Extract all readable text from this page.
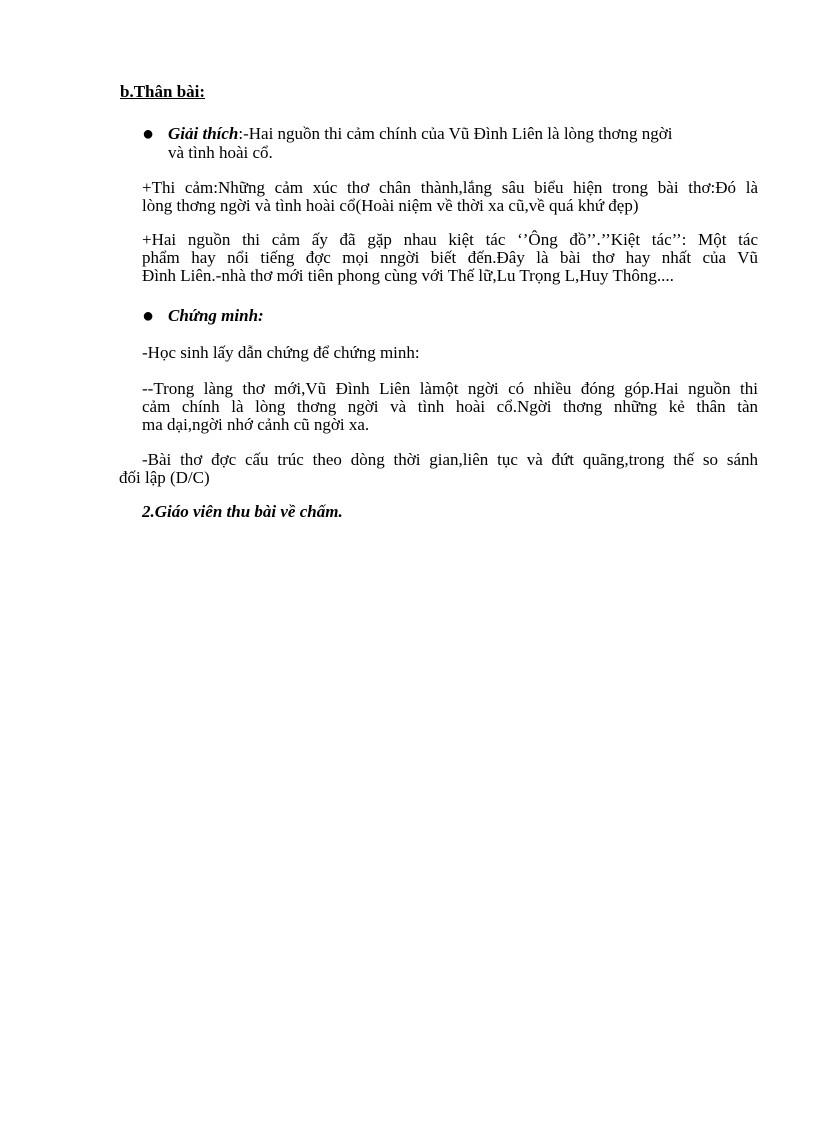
b.Thân bài:
● Giải thích:-Hai nguồn thi cảm chính của Vũ Đình Liên là lòng thơng ngời
và tình hoài cổ.
+Thi cảm:Những cảm xúc thơ chân thành,lắng sâu biểu hiện trong bài thơ:Đó là
lòng thơng ngời và tình hoài cổ(Hoài niệm về thời xa cũ,về quá khứ đẹp)
+Hai nguồn thi cảm ấy đã gặp nhau kiệt tác ‘’Ông đồ’’.’’Kiệt tác’’: Một tác
phẩm hay nổi tiếng đợc mọi nngời biết đến.Đây là bài thơ hay nhất của Vũ
Đình Liên.-nhà thơ mới tiên phong cùng với Thế lữ,Lu Trọng L,Huy Thông....
● Chứng minh:
-Học sinh lấy dẫn chứng để chứng minh:
--Trong làng thơ mới,Vũ Đình Liên làmột ngời có nhiều đóng góp.Hai nguồn thi
cảm chính là lòng thơng ngời và tình hoài cổ.Ngời thơng những kẻ thân tàn
ma dại,ngời nhớ cảnh cũ ngời xa.
-Bài thơ đợc cấu trúc theo dòng thời gian,liên tục và đứt quãng,trong thế so sánh
đối lập (D/C)
2.Giáo viên thu bài về chấm.
